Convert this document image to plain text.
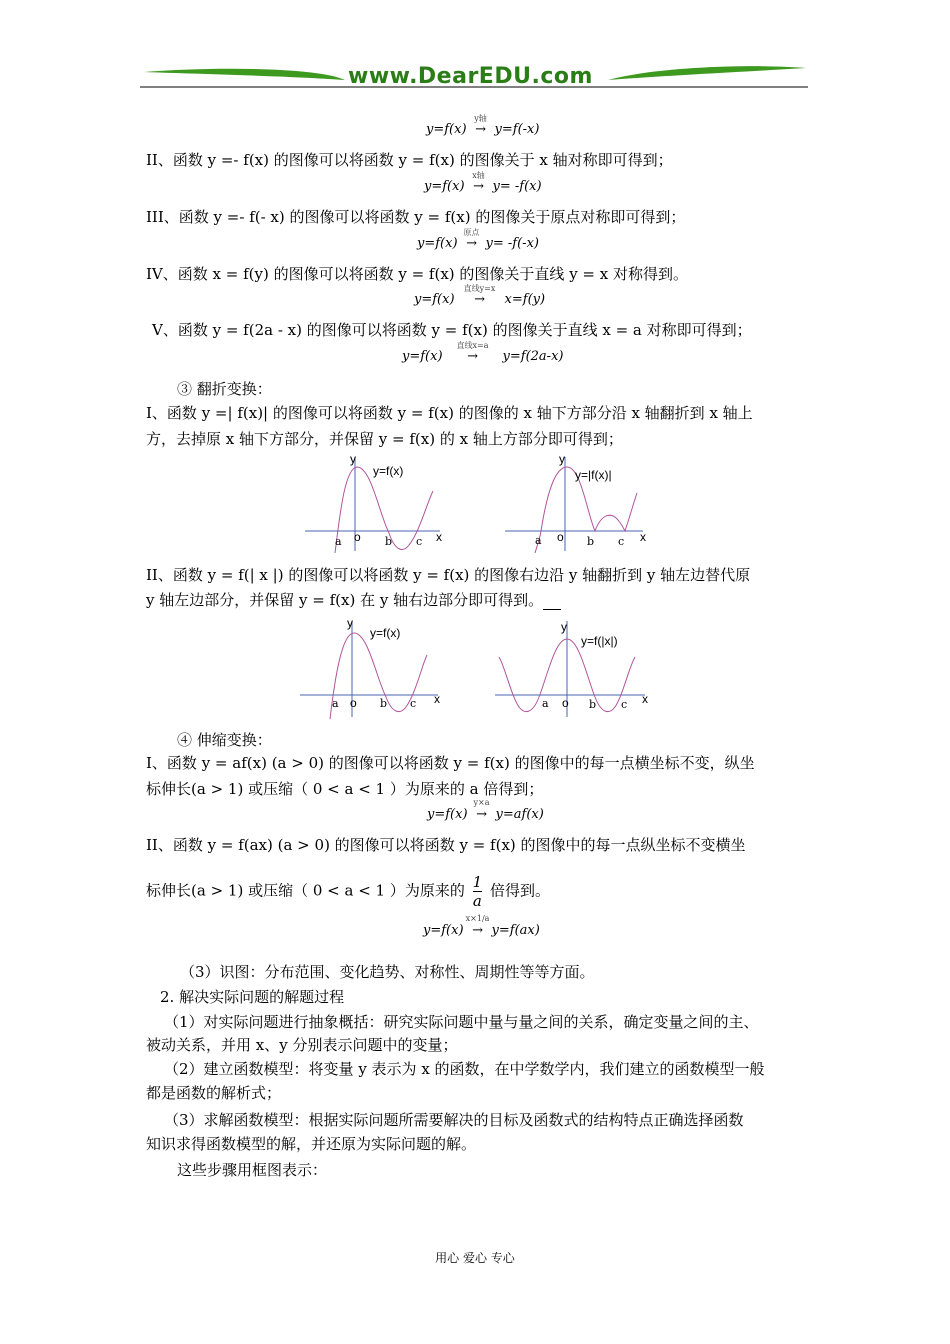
www.DearEDU.com
y=f(x) →
y轴
y=f(-x)
II、函数 y =- f(x) 的图像可以将函数 y = f(x) 的图像关于 x 轴对称即可得到；
y=f(x) →
x轴
y= -f(x)
III、函数 y =- f(- x) 的图像可以将函数 y = f(x) 的图像关于原点对称即可得到；
y=f(x) →
原点
y= -f(-x)
IV、函数 x = f(y) 的图像可以将函数 y = f(x) 的图像关于直线 y = x 对称得到。
y=f(x) →
直线y=x
x=f(y)
V、函数 y = f(2a - x) 的图像可以将函数 y = f(x) 的图像关于直线 x = a 对称即可得到；
y=f(x) →
直线x=a
y=f(2a-x)
③ 翻折变换：
I、函数 y =| f(x)| 的图像可以将函数 y = f(x) 的图像的 x 轴下方部分沿 x 轴翻折到 x 轴上
方，去掉原 x 轴下方部分，并保留 y = f(x) 的 x 轴上方部分即可得到；
y
y=f(x)
x
o
a	b c
y
y=|f(x)|
x
o
a	b c
II、函数 y = f(| x |) 的图像可以将函数 y = f(x) 的图像右边沿 y 轴翻折到 y 轴左边替代原
y 轴左边部分，并保留 y = f(x) 在 y 轴右边部分即可得到。
y
y=f(x)
x
o
a	b c
y
y=f(|x|)
x
o
a	b c
④ 伸缩变换：
I、函数 y = af(x) (a > 0) 的图像可以将函数 y = f(x) 的图像中的每一点横坐标不变，纵坐
标伸长(a > 1) 或压缩（ 0 < a < 1 ）为原来的 a 倍得到；
y=f(x) →
y×a
y=af(x)
II、函数 y = f(ax) (a > 0) 的图像可以将函数 y = f(x) 的图像中的每一点纵坐标不变横坐
标伸长(a > 1) 或压缩（ 0 < a < 1 ）为原来的 $\frac{1}{a}$ 倍得到。
y=f(x) →
x×1/a
y=f(ax)
（3）识图：分布范围、变化趋势、对称性、周期性等等方面。
2. 解决实际问题的解题过程
（1）对实际问题进行抽象概括：研究实际问题中量与量之间的关系，确定变量之间的主、
被动关系，并用 x、y 分别表示问题中的变量；
（2）建立函数模型：将变量 y 表示为 x 的函数，在中学数学内，我们建立的函数模型一般
都是函数的解析式；
（3）求解函数模型：根据实际问题所需要解决的目标及函数式的结构特点正确选择函数
知识求得函数模型的解，并还原为实际问题的解。
这些步骤用框图表示：
用心 爱心 专心
